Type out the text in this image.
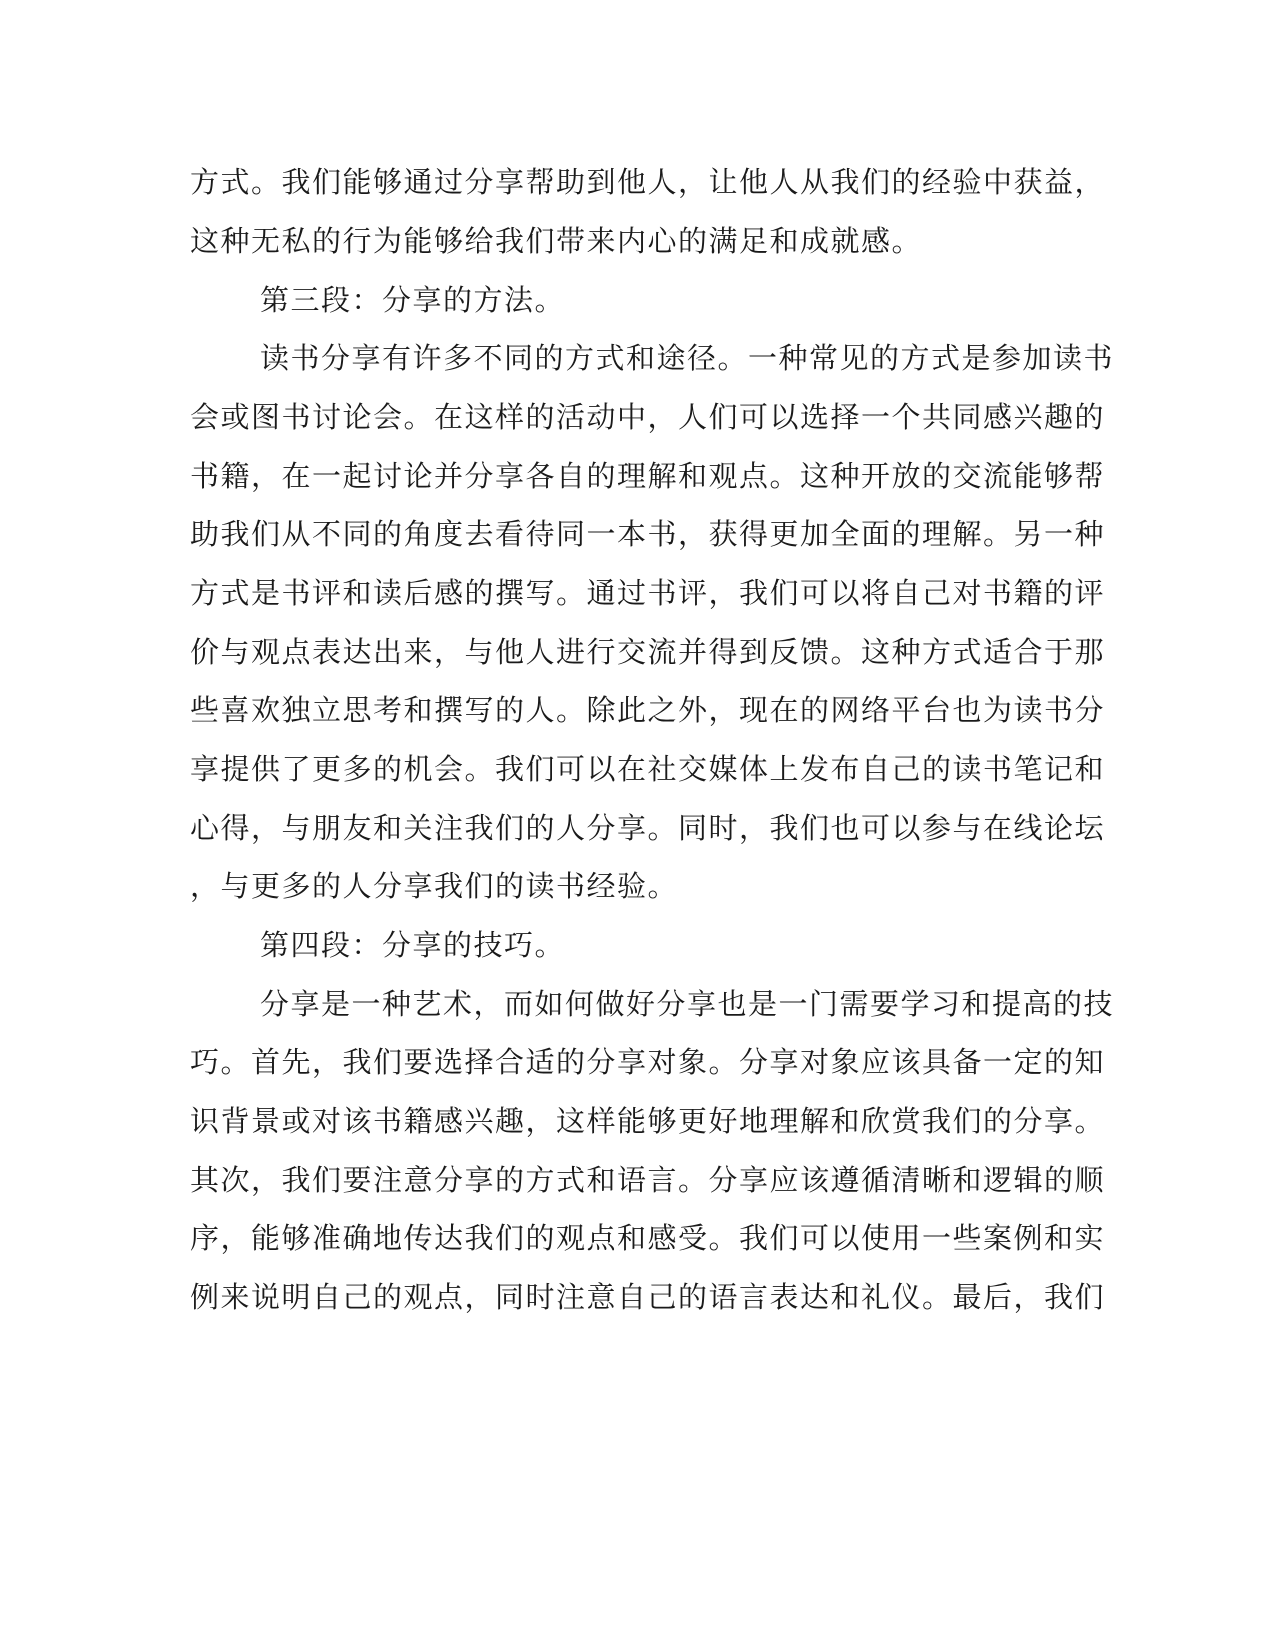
方式。我们能够通过分享帮助到他人，让他人从我们的经验中获益，
这种无私的行为能够给我们带来内心的满足和成就感。
第三段：分享的方法。
读书分享有许多不同的方式和途径。一种常见的方式是参加读书
会或图书讨论会。在这样的活动中，人们可以选择一个共同感兴趣的
书籍，在一起讨论并分享各自的理解和观点。这种开放的交流能够帮
助我们从不同的角度去看待同一本书，获得更加全面的理解。另一种
方式是书评和读后感的撰写。通过书评，我们可以将自己对书籍的评
价与观点表达出来，与他人进行交流并得到反馈。这种方式适合于那
些喜欢独立思考和撰写的人。除此之外，现在的网络平台也为读书分
享提供了更多的机会。我们可以在社交媒体上发布自己的读书笔记和
心得，与朋友和关注我们的人分享。同时，我们也可以参与在线论坛
，与更多的人分享我们的读书经验。
第四段：分享的技巧。
分享是一种艺术，而如何做好分享也是一门需要学习和提高的技
巧。首先，我们要选择合适的分享对象。分享对象应该具备一定的知
识背景或对该书籍感兴趣，这样能够更好地理解和欣赏我们的分享。
其次，我们要注意分享的方式和语言。分享应该遵循清晰和逻辑的顺
序，能够准确地传达我们的观点和感受。我们可以使用一些案例和实
例来说明自己的观点，同时注意自己的语言表达和礼仪。最后，我们
